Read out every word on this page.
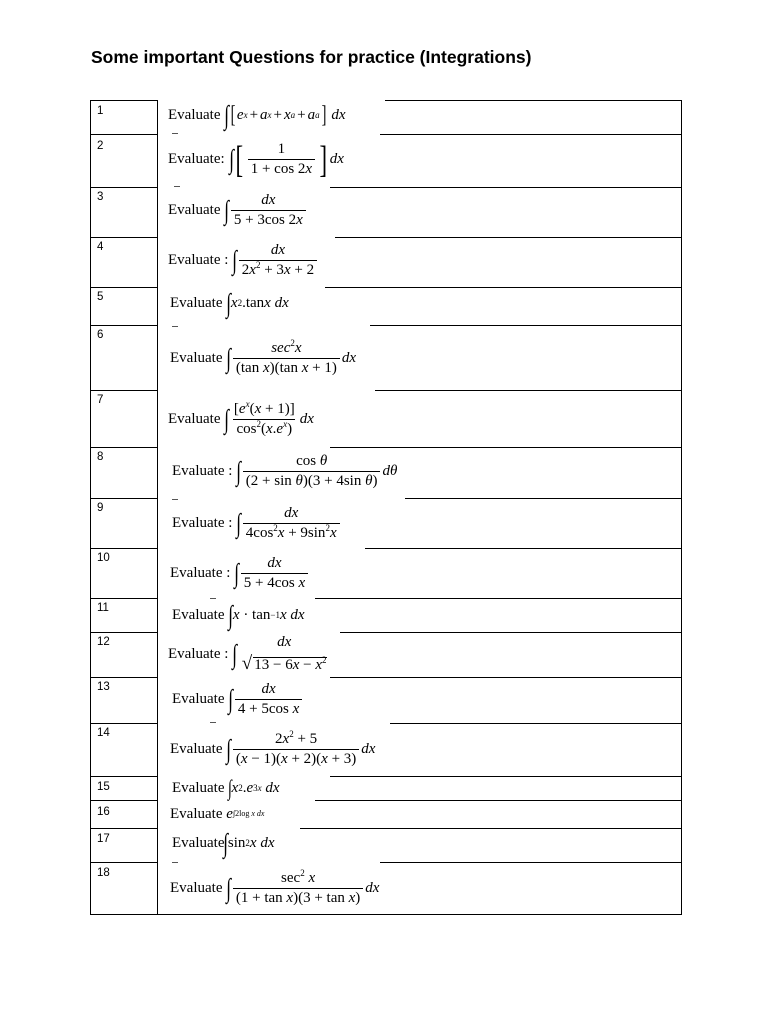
Some important Questions for practice (Integrations)
1
2
3
4
5
6
7
8
9
10
11
12
13
14
15
16
17
18
Evaluate ∫ [ e x + a x + x a + a a ]
dx
Evaluate: ∫ [ $\frac{1}{1 + \cos 2x}$ ] dx
Evaluate ∫ $\frac{dx}{5 + 3\cos 2x}$
Evaluate : ∫ $\frac{dx}{2x^2 + 3x + 2}$
Evaluate ∫ x 2 .tan x
dx
Evaluate ∫ $\frac{\sec^2x}{\text{(tan x)(tan x + 1)}}$ dx
Evaluate ∫ $\frac{[e^x(x + 1)]}{\cos^2(x.e^x)}$ dx
Evaluate : ∫ $\frac{\text{cos θ}}{\text{(2 + sin θ)(3 + 4sin θ)}}$ dθ
Evaluate : ∫ $\frac{dx}{4\cos^2x + 9\sin^2x}$
Evaluate : ∫ $\frac{dx}{\text{5 + 4cos x}}$
Evaluate ∫ x · tan −1 x
dx
Evaluate : ∫	dx
√ $13 - 6x - x^2$
Evaluate ∫ $\frac{dx}{\text{4 + 5cos x}}$
Evaluate ∫ $\frac{2x^2 + 5}{(x - 1)(x + 2)(x + 3)}$ dx
Evaluate ∫ x 2 . e 3x
dx
Evaluate
e ∫2log x dx
Evaluate ∫ sin 2 x
dx
Evaluate ∫ $\frac{\sec^2 x}{\text{(1 + tan x)(3 + tan x)}}$ dx
